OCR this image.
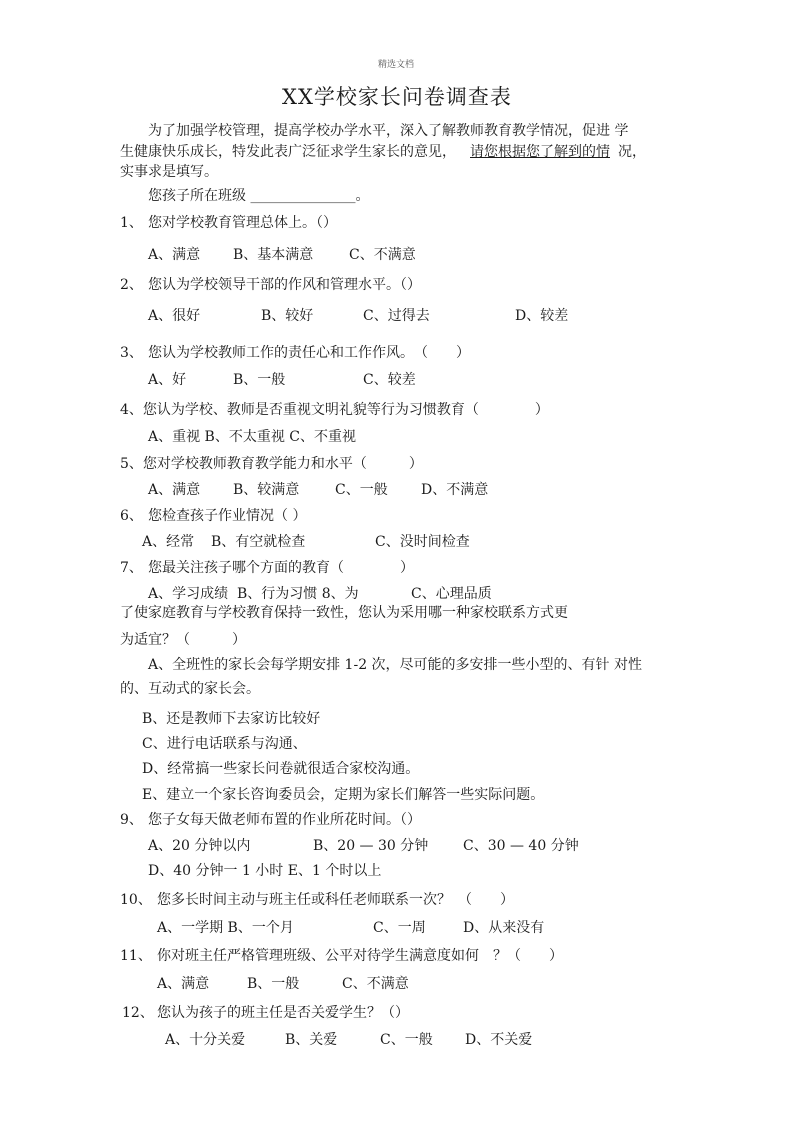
精选文档
XX学校家长问卷调查表
为了加强学校管理，提高学校办学水平，深入了解教师教育教学情况，促进 学
生健康快乐成长，特发此表广泛征求学生家长的意见， 请您根据您了解到的情 况，
实事求是填写。
您孩子所在班级 _______________。
1、 您对学校教育管理总体上。（）
A、满意 B、基本满意	C、不满意
2、 您认为学校领导干部的作风和管理水平。（）
A、很好	B、较好	C、过得去	D、较差
3、 您认为学校教师工作的责任心和工作作风。　（　　）
A、好	B、一般	C、较差
4、您认为学校、教师是否重视文明礼貌等行为习惯教育（　　　　）
A、重视 B、不太重视 C、不重视
5、您对学校教师教育教学能力和水平（　　　）
A、满意 B、较满意	C、一般 D、不满意
6、 您检查孩子作业情况（ ）
A、经常 B、有空就检查	C、没时间检查
7、 您最关注孩子哪个方面的教育（　　　　）
A、学习成绩 B、行为习惯 8、为	C、心理品质
了使家庭教育与学校教育保持一致性，您认为采用哪一种家校联系方式更
为适宜？（　　　）
A、全班性的家长会每学期安排 1-2 次，尽可能的多安排一些小型的、有针 对性
的、互动式的家长会。
B、还是教师下去家访比较好
C、进行电话联系与沟通、
D、经常搞一些家长问卷就很适合家校沟通。
E、建立一个家长咨询委员会，定期为家长们解答一些实际问题。
9、 您子女每天做老师布置的作业所花时间。（）
A、20 分钟以内	B、20 — 30 分钟 C、30 — 40 分钟
D、40 分钟一 1 小时 E、1 个时以上
10、 您多长时间主动与班主任或科任老师联系一次？　（　　）
A、一学期 B、一个月	C、一周	D、从来没有
11、 你对班主任严格管理班级、公平对待学生满意度如何　？（　　）
A、满意	B、一般	C、不满意
12、 您认为孩子的班主任是否关爱学生？（）
A、十分关爱	B、关爱	C、一般 D、不关爱
